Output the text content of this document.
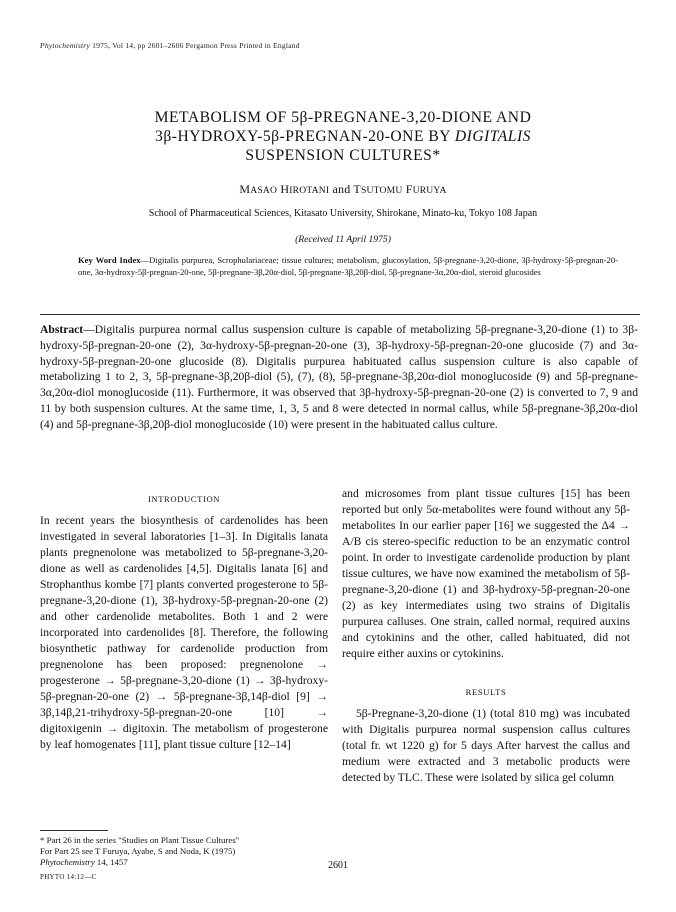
Phytochemistry 1975, Vol 14, pp 2601–2606 Pergamon Press Printed in England
METABOLISM OF 5β-PREGNANE-3,20-DIONE AND
3β-HYDROXY-5β-PREGNAN-20-ONE BY DIGITALIS
SUSPENSION CULTURES*
MASAO HIROTANI and TSUTOMU FURUYA
School of Pharmaceutical Sciences, Kitasato University, Shirokane, Minato-ku, Tokyo 108 Japan
(Received 11 April 1975)
Key Word Index—Digitalis purpurea, Scrophulariaceae; tissue cultures; metabolism, glucosylation, 5β-pregnane-3,20-dione, 3β-hydroxy-5β-pregnan-20-one, 3α-hydroxy-5β-pregnan-20-one, 5β-pregnane-3β,20α-diol, 5β-pregnane-3β,20β-diol, 5β-pregnane-3α,20α-diol, steroid glucosides
Abstract—Digitalis purpurea normal callus suspension culture is capable of metabolizing 5β-pregnane-3,20-dione (1) to 3β-hydroxy-5β-pregnan-20-one (2), 3α-hydroxy-5β-pregnan-20-one (3), 3β-hydroxy-5β-pregnan-20-one glucoside (7) and 3α-hydroxy-5β-pregnan-20-one glucoside (8). Digitalis purpurea habituated callus suspension culture is also capable of metabolizing 1 to 2, 3, 5β-pregnane-3β,20β-diol (5), (7), (8), 5β-pregnane-3β,20α-diol monoglucoside (9) and 5β-pregnane-3α,20α-diol monoglucoside (11). Furthermore, it was observed that 3β-hydroxy-5β-pregnan-20-one (2) is converted to 7, 9 and 11 by both suspension cultures. At the same time, 1, 3, 5 and 8 were detected in normal callus, while 5β-pregnane-3β,20α-diol (4) and 5β-pregnane-3β,20β-diol monoglucoside (10) were present in the habituated callus culture.
INTRODUCTION

In recent years the biosynthesis of cardenolides has been investigated in several laboratories [1–3]. In Digitalis lanata plants pregnenolone was metabolized to 5β-pregnane-3,20-dione as well as cardenolides [4,5]. Digitalis lanata [6] and Strophanthus kombe [7] plants converted progesterone to 5β-pregnane-3,20-dione (1), 3β-hydroxy-5β-pregnan-20-one (2) and other cardenolide metabolites. Both 1 and 2 were incorporated into cardenolides [8]. Therefore, the following biosynthetic pathway for cardenolide production from pregnenolone has been proposed: pregnenolone → progesterone → 5β-pregnane-3,20-dione (1) → 3β-hydroxy-5β-pregnan-20-one (2) → 5β-pregnane-3β,14β-diol [9] → 3β,14β,21-trihydroxy-5β-pregnan-20-one [10] → digitoxigenin → digitoxin. The metabolism of progesterone by leaf homogenates [11], plant tissue culture [12–14]

and microsomes from plant tissue cultures [15] has been reported but only 5α-metabolites were found without any 5β-metabolites In our earlier paper [16] we suggested the Δ4 → A/B cis stereo-specific reduction to be an enzymatic control point. In order to investigate cardenolide production by plant tissue cultures, we have now examined the metabolism of 5β-pregnane-3,20-dione (1) and 3β-hydroxy-5β-pregnan-20-one (2) as key intermediates using two strains of Digitalis purpurea calluses. One strain, called normal, required auxins and cytokinins and the other, called habituated, did not require either auxins or cytokinins.

RESULTS

5β-Pregnane-3,20-dione (1) (total 810 mg) was incubated with Digitalis purpurea normal suspension callus cultures (total fr. wt 1220 g) for 5 days After harvest the callus and medium were extracted and 3 metabolic products were detected by TLC. These were isolated by silica gel column

* Part 26 in the series "Studies on Plant Tissue Cultures"
For Part 25 see T Furuya, Ayabe, S and Noda, K (1975)
Phytochemistry 14, 1457	2601
PHYTO 14:12—C
